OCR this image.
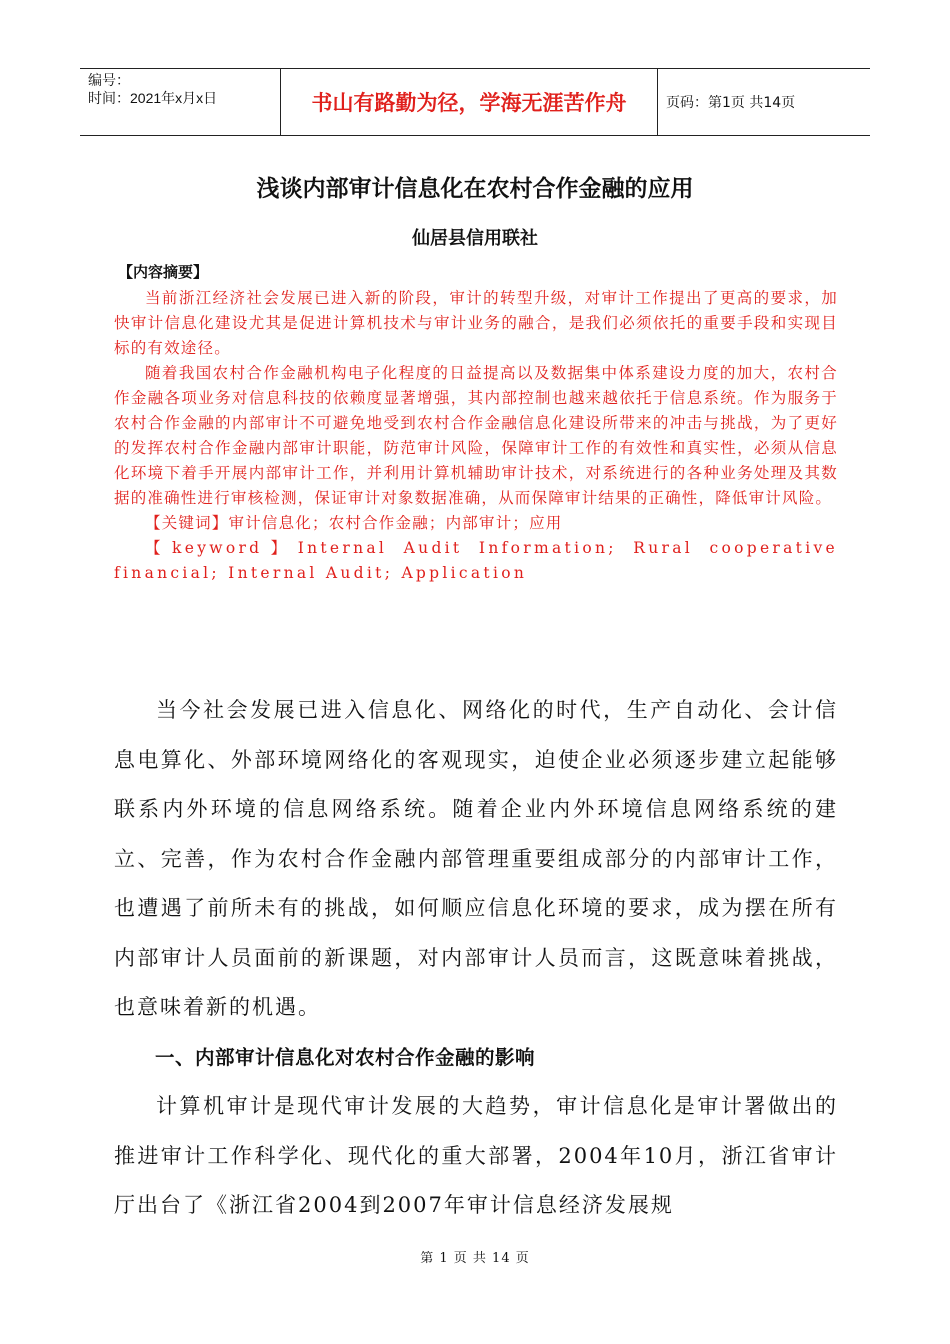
编号：
时间：2021年x月x日	书山有路勤为径，学海无涯苦作舟	页码：第1页 共14页
浅谈内部审计信息化在农村合作金融的应用
仙居县信用联社
【内容摘要】

当前浙江经济社会发展已进入新的阶段，审计的转型升级，对审计工作提出了更高的要求，加快审计信息化建设尤其是促进计算机技术与审计业务的融合，是我们必须依托的重要手段和实现目标的有效途径。

随着我国农村合作金融机构电子化程度的日益提高以及数据集中体系建设力度的加大，农村合作金融各项业务对信息科技的依赖度显著增强，其内部控制也越来越依托于信息系统。作为服务于农村合作金融的内部审计不可避免地受到农村合作金融信息化建设所带来的冲击与挑战，为了更好的发挥农村合作金融内部审计职能，防范审计风险，保障审计工作的有效性和真实性，必须从信息化环境下着手开展内部审计工作，并利用计算机辅助审计技术，对系统进行的各种业务处理及其数据的准确性进行审核检测，保证审计对象数据准确，从而保障审计结果的正确性，降低审计风险。

【关键词】审计信息化；农村合作金融；内部审计；应用

【keyword】Internal Audit Information; Rural cooperative financial; Internal Audit; Application

当今社会发展已进入信息化、网络化的时代，生产自动化、会计信息电算化、外部环境网络化的客观现实，迫使企业必须逐步建立起能够联系内外环境的信息网络系统。随着企业内外环境信息网络系统的建立、完善，作为农村合作金融内部管理重要组成部分的内部审计工作，也遭遇了前所未有的挑战，如何顺应信息化环境的要求，成为摆在所有内部审计人员面前的新课题，对内部审计人员而言，这既意味着挑战，也意味着新的机遇。

一、内部审计信息化对农村合作金融的影响

计算机审计是现代审计发展的大趋势，审计信息化是审计署做出的推进审计工作科学化、现代化的重大部署，2004年10月，浙江省审计厅出台了《浙江省2004到2007年审计信息经济发展规

第 1 页 共 14 页
